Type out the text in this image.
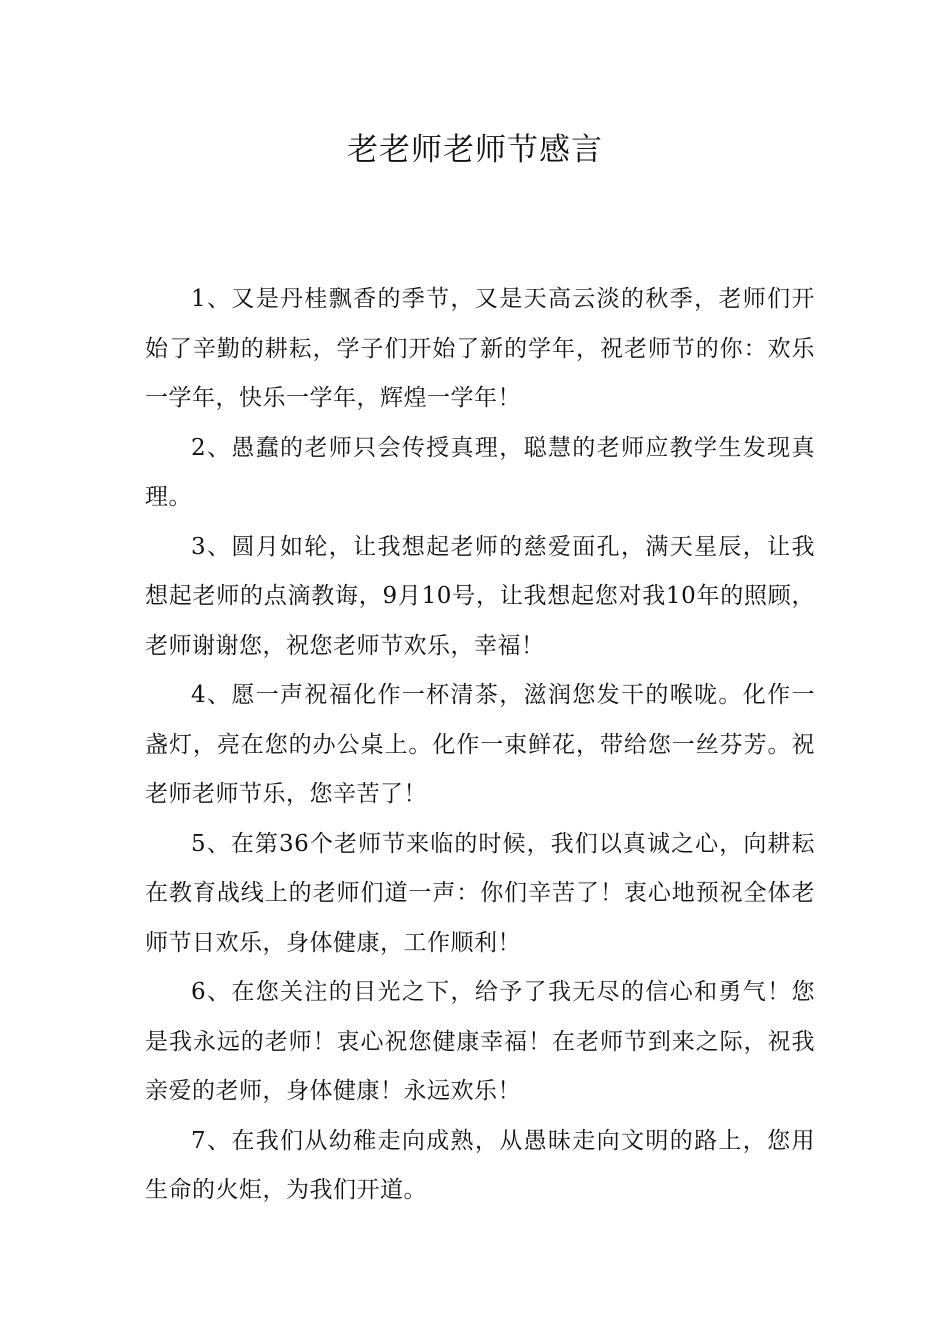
老老师老师节感言

1、又是丹桂飘香的季节，又是天高云淡的秋季，老师们开始了辛勤的耕耘，学子们开始了新的学年，祝老师节的你：欢乐一学年，快乐一学年，辉煌一学年！

2、愚蠢的老师只会传授真理，聪慧的老师应教学生发现真理。

3、圆月如轮，让我想起老师的慈爱面孔，满天星辰，让我想起老师的点滴教诲，9月10号，让我想起您对我10年的照顾，老师谢谢您，祝您老师节欢乐，幸福！

4、愿一声祝福化作一杯清茶，滋润您发干的喉咙。化作一盏灯，亮在您的办公桌上。化作一束鲜花，带给您一丝芬芳。祝老师老师节乐，您辛苦了！

5、在第36个老师节来临的时候，我们以真诚之心，向耕耘在教育战线上的老师们道一声：你们辛苦了！衷心地预祝全体老师节日欢乐，身体健康，工作顺利！

6、在您关注的目光之下，给予了我无尽的信心和勇气！您是我永远的老师！衷心祝您健康幸福！在老师节到来之际，祝我亲爱的老师，身体健康！永远欢乐！

7、在我们从幼稚走向成熟，从愚昧走向文明的路上，您用生命的火炬，为我们开道。
